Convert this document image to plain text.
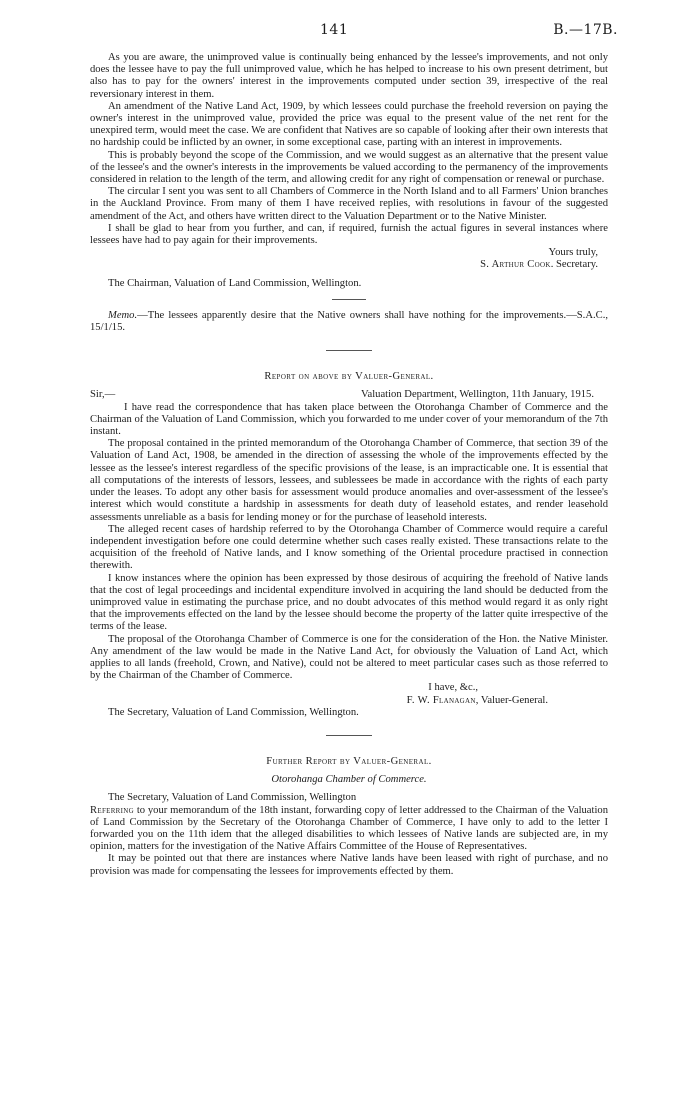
141	B.—17B.

As you are aware, the unimproved value is continually being enhanced by the lessee's improvements, and not only does the lessee have to pay the full unimproved value, which he has helped to increase to his own present detriment, but also has to pay for the owners' interest in the improvements computed under section 39, irrespective of the real reversionary interest in them.

An amendment of the Native Land Act, 1909, by which lessees could purchase the freehold reversion on paying the owner's interest in the unimproved value, provided the price was equal to the present value of the net rent for the unexpired term, would meet the case. We are confident that Natives are so capable of looking after their own interests that no hardship could be inflicted by an owner, in some exceptional case, parting with an interest in improvements.

This is probably beyond the scope of the Commission, and we would suggest as an alternative that the present value of the lessee's and the owner's interests in the improvements be valued according to the permanency of the improvements considered in relation to the length of the term, and allowing credit for any right of compensation or renewal or purchase.

The circular I sent you was sent to all Chambers of Commerce in the North Island and to all Farmers' Union branches in the Auckland Province. From many of them I have received replies, with resolutions in favour of the suggested amendment of the Act, and others have written direct to the Valuation Department or to the Native Minister.

I shall be glad to hear from you further, and can, if required, furnish the actual figures in several instances where lessees have had to pay again for their improvements.

Yours truly,

S. Arthur Cook. Secretary.

The Chairman, Valuation of Land Commission, Wellington.

Memo.—The lessees apparently desire that the Native owners shall have nothing for the improvements.—S.A.C., 15/1/15.

Report on above by Valuer-General.

Sir,—	Valuation Department, Wellington, 11th January, 1915.

I have read the correspondence that has taken place between the Otorohanga Chamber of Commerce and the Chairman of the Valuation of Land Commission, which you forwarded to me under cover of your memorandum of the 7th instant.

The proposal contained in the printed memorandum of the Otorohanga Chamber of Commerce, that section 39 of the Valuation of Land Act, 1908, be amended in the direction of assessing the whole of the improvements effected by the lessee as the lessee's interest regardless of the specific provisions of the lease, is an impracticable one. It is essential that all computations of the interests of lessors, lessees, and sublessees be made in accordance with the rights of each party under the leases. To adopt any other basis for assessment would produce anomalies and over-assessment of the lessee's interest which would constitute a hardship in assessments for death duty of leasehold estates, and render leasehold assessments unreliable as a basis for lending money or for the purchase of leasehold interests.

The alleged recent cases of hardship referred to by the Otorohanga Chamber of Commerce would require a careful independent investigation before one could determine whether such cases really existed. These transactions relate to the acquisition of the freehold of Native lands, and I know something of the Oriental procedure practised in connection therewith.

I know instances where the opinion has been expressed by those desirous of acquiring the freehold of Native lands that the cost of legal proceedings and incidental expenditure involved in acquiring the land should be deducted from the unimproved value in estimating the purchase price, and no doubt advocates of this method would regard it as only right that the improvements effected on the land by the lessee should become the property of the latter quite irrespective of the terms of the lease.

The proposal of the Otorohanga Chamber of Commerce is one for the consideration of the Hon. the Native Minister. Any amendment of the law would be made in the Native Land Act, for obviously the Valuation of Land Act, which applies to all lands (freehold, Crown, and Native), could not be altered to meet particular cases such as those referred to by the Chairman of the Chamber of Commerce.

I have, &c.,

F. W. Flanagan, Valuer-General.

The Secretary, Valuation of Land Commission, Wellington.

Further Report by Valuer-General.

Otorohanga Chamber of Commerce.

The Secretary, Valuation of Land Commission, Wellington

Referring to your memorandum of the 18th instant, forwarding copy of letter addressed to the Chairman of the Valuation of Land Commission by the Secretary of the Otorohanga Chamber of Commerce, I have only to add to the letter I forwarded you on the 11th idem that the alleged disabilities to which lessees of Native lands are subjected are, in my opinion, matters for the investigation of the Native Affairs Committee of the House of Representatives.

It may be pointed out that there are instances where Native lands have been leased with right of purchase, and no provision was made for compensating the lessees for improvements effected by them.
